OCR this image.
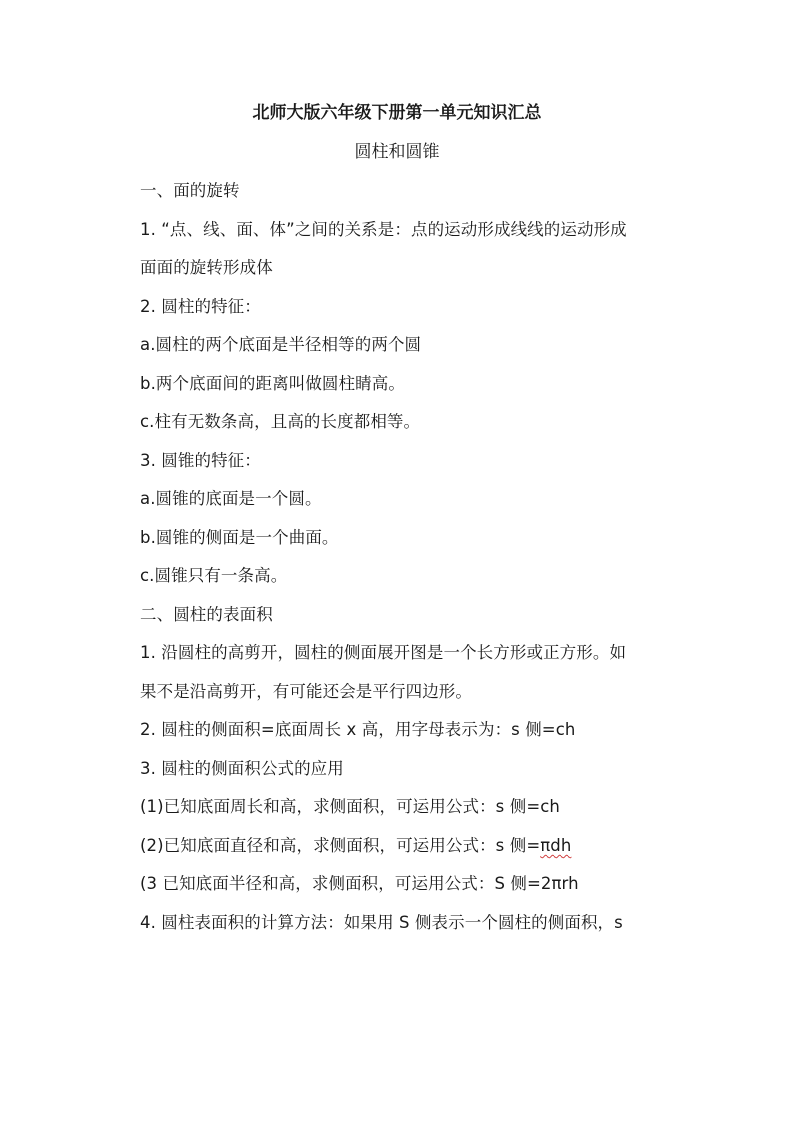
北师大版六年级下册第一单元知识汇总
圆柱和圆锥
一、面的旋转
1. “点、线、面、体”之间的关系是：点的运动形成线线的运动形成
面面的旋转形成体
2. 圆柱的特征：
a.圆柱的两个底面是半径相等的两个圆
b.两个底面间的距离叫做圆柱睛高。
c.柱有无数条高，且高的长度都相等。
3. 圆锥的特征：
a.圆锥的底面是一个圆。
b.圆锥的侧面是一个曲面。
c.圆锥只有一条高。
二、圆柱的表面积
1. 沿圆柱的高剪开，圆柱的侧面展开图是一个长方形或正方形。如
果不是沿高剪开，有可能还会是平行四边形。
2. 圆柱的侧面积=底面周长 x 高，用字母表示为：s 侧=ch
3. 圆柱的侧面积公式的应用
(1)已知底面周长和高，求侧面积，可运用公式：s 侧=ch
(2)已知底面直径和高，求侧面积，可运用公式：s 侧=πdh
(3 已知底面半径和高，求侧面积，可运用公式：S 侧=2πrh
4. 圆柱表面积的计算方法：如果用 S 侧表示一个圆柱的侧面积，s
